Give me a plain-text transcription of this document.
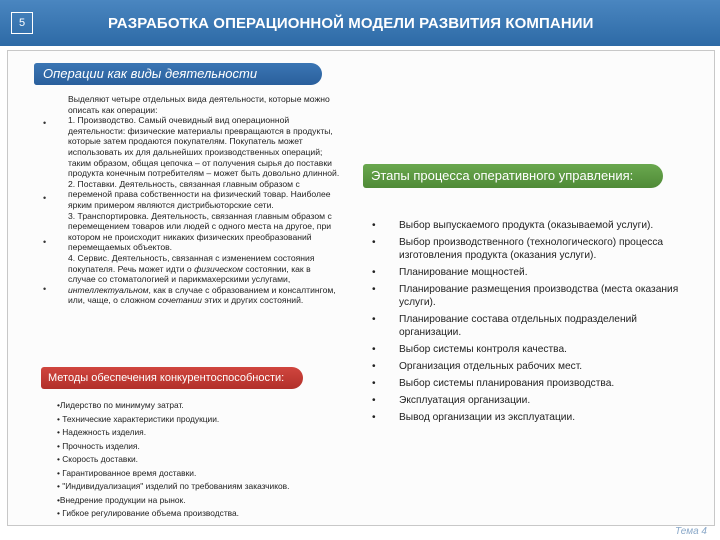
5	РАЗРАБОТКА ОПЕРАЦИОННОЙ МОДЕЛИ РАЗВИТИЯ КОМПАНИИ
Операции как виды деятельности
•
•
•
•

Выделяют четыре отдельных вида деятельности, которые можно описать как операции:

1. Производство. Самый очевидный вид операционной деятельности: физические материалы превращаются в продукты, которые затем продаются покупателям. Покупатель может использовать их для дальнейших производственных операций; таким образом, общая цепочка – от получения сырья до поставки продукта конечным потребителям – может быть довольно длинной.

2. Поставки. Деятельность, связанная главным образом с переменой права собственности на физический товар. Наиболее ярким примером являются дистрибьюторские сети.

3. Транспортировка. Деятельность, связанная главным образом с перемещением товаров или людей с одного места на другое, при котором не происходит никаких физических преобразований перемещаемых объектов.

4. Сервис. Деятельность, связанная с изменением состояния покупателя. Речь может идти о физическом состоянии, как в случае со стоматологией и парикмахерскими услугами, интеллектуальном, как в случае с образованием и консалтингом, или, чаще, о сложном сочетании этих и других состояний.

Методы обеспечения конкурентоспособности:
•Лидерство по минимуму затрат.
• Технические характеристики продукции.
• Надежность изделия.
• Прочность изделия.
• Скорость доставки.
• Гарантированное время доставки.
• "Индивидуализация" изделий по требованиям заказчиков.
•Внедрение продукции на рынок.
• Гибкое регулирование объема производства.
Этапы процесса оперативного управления:
• Выбор выпускаемого продукта (оказываемой услуги).
• Выбор производственного (технологического) процесса изготовления продукта (оказания услуги).
• Планирование мощностей.
• Планирование размещения производства (места оказания услуги).
• Планирование состава отдельных подразделений организации.
• Выбор системы контроля качества.
• Организация отдельных рабочих мест.
• Выбор системы планирования производства.
• Эксплуатация организации.
• Вывод организации из эксплуатации.
Тема 4
